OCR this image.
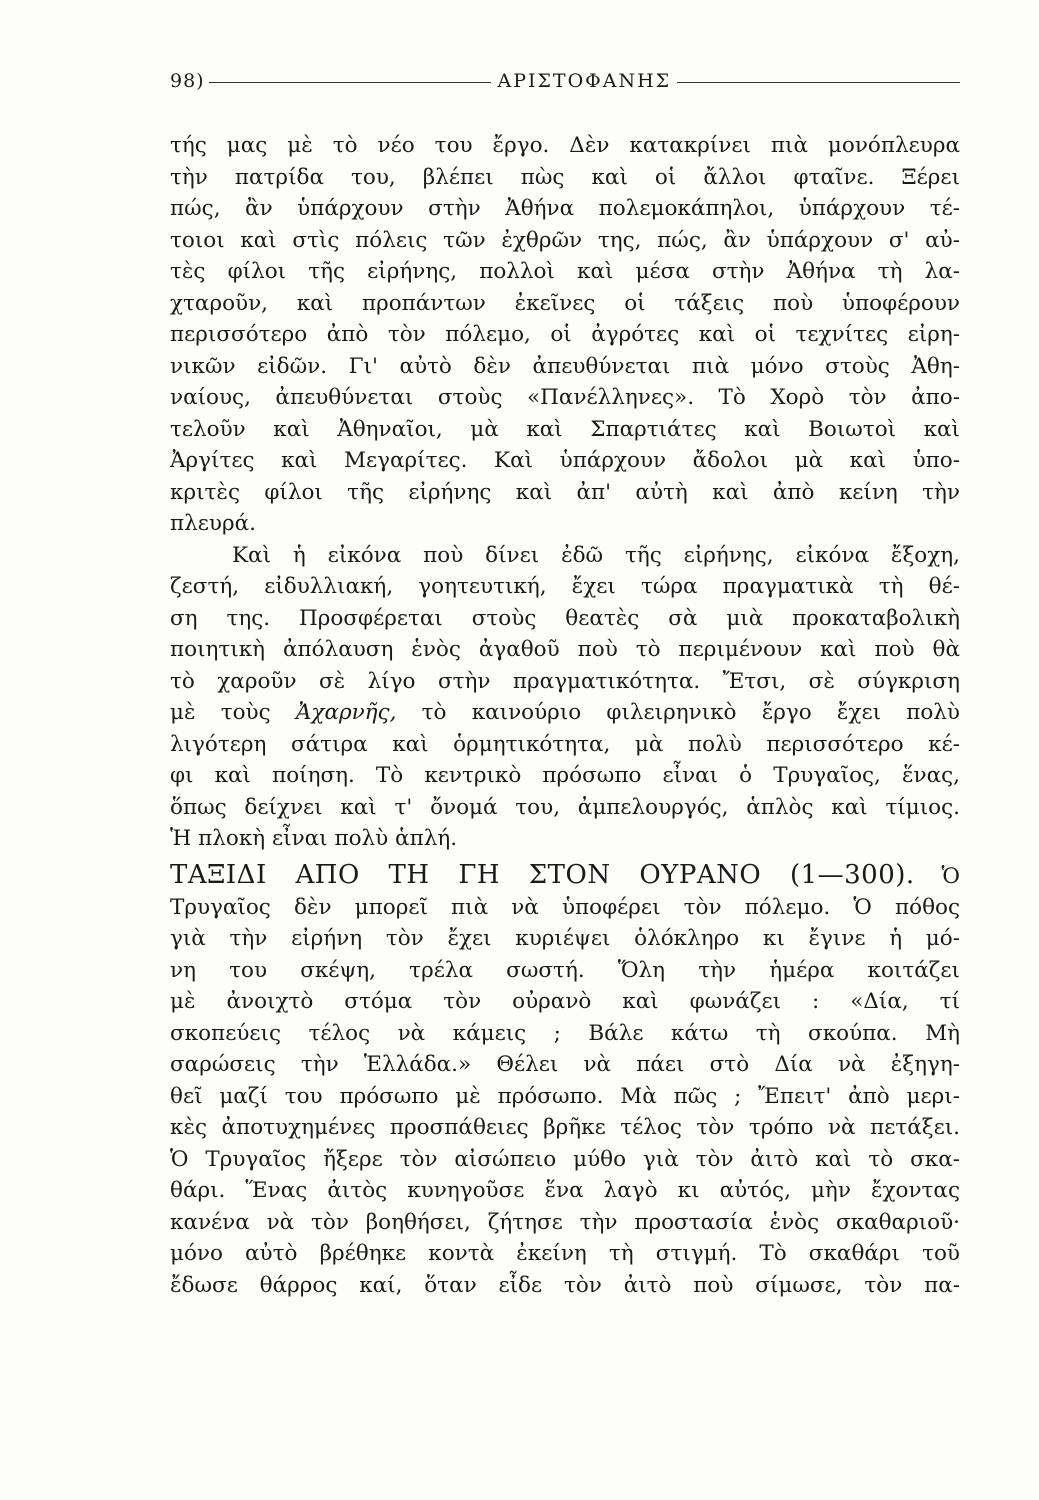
98)	ΑΡΙΣΤΟΦΑΝΗΣ
τής μας μὲ τὸ νέο του ἔργο. Δὲν κατακρίνει πιὰ μονόπλευρα
τὴν πατρίδα του, βλέπει πὼς καὶ οἱ ἄλλοι φταῖνε. Ξέρει
πώς, ἂν ὑπάρχουν στὴν Ἀθήνα πολεμοκάπηλοι, ὑπάρχουν τέ-
τοιοι καὶ στὶς πόλεις τῶν ἐχθρῶν της, πώς, ἂν ὑπάρχουν σ' αὐ-
τὲς φίλοι τῆς εἰρήνης, πολλοὶ καὶ μέσα στὴν Ἀθήνα τὴ λα-
χταροῦν, καὶ προπάντων ἐκεῖνες οἱ τάξεις ποὺ ὑποφέρουν
περισσότερο ἀπὸ τὸν πόλεμο, οἱ ἀγρότες καὶ οἱ τεχνίτες εἰρη-
νικῶν εἰδῶν. Γι' αὐτὸ δὲν ἀπευθύνεται πιὰ μόνο στοὺς Ἀθη-
ναίους, ἀπευθύνεται στοὺς «Πανέλληνες». Τὸ Χορὸ τὸν ἀπο-
τελοῦν καὶ Ἀθηναῖοι, μὰ καὶ Σπαρτιάτες καὶ Βοιωτοὶ καὶ
Ἀργίτες καὶ Μεγαρίτες. Καὶ ὑπάρχουν ἄδολοι μὰ καὶ ὑπο-
κριτὲς φίλοι τῆς εἰρήνης καὶ ἀπ' αὐτὴ καὶ ἀπὸ κείνη τὴν
πλευρά.
Καὶ ἡ εἰκόνα ποὺ δίνει ἐδῶ τῆς εἰρήνης, εἰκόνα ἔξοχη,
ζεστή, εἰδυλλιακή, γοητευτική, ἔχει τώρα πραγματικὰ τὴ θέ-
ση της. Προσφέρεται στοὺς θεατὲς σὰ μιὰ προκαταβολικὴ
ποιητικὴ ἀπόλαυση ἑνὸς ἀγαθοῦ ποὺ τὸ περιμένουν καὶ ποὺ θὰ
τὸ χαροῦν σὲ λίγο στὴν πραγματικότητα. Ἔτσι, σὲ σύγκριση
μὲ τοὺς Ἀχαρνῆς, τὸ καινούριο φιλειρηνικὸ ἔργο ἔχει πολὺ
λιγότερη σάτιρα καὶ ὁρμητικότητα, μὰ πολὺ περισσότερο κέ-
φι καὶ ποίηση. Τὸ κεντρικὸ πρόσωπο εἶναι ὁ Τρυγαῖος, ἕνας,
ὅπως δείχνει καὶ τ' ὄνομά του, ἀμπελουργός, ἁπλὸς καὶ τίμιος.
Ἡ πλοκὴ εἶναι πολὺ ἁπλή.
ΤΑΞΙΔΙ ΑΠΟ ΤΗ ΓΗ ΣΤΟΝ ΟΥΡΑΝΟ (1—300). Ὁ
Τρυγαῖος δὲν μπορεῖ πιὰ νὰ ὑποφέρει τὸν πόλεμο. Ὁ πόθος
γιὰ τὴν εἰρήνη τὸν ἔχει κυριέψει ὁλόκληρο κι ἔγινε ἡ μό-
νη του σκέψη, τρέλα σωστή. Ὅλη τὴν ἡμέρα κοιτάζει
μὲ ἀνοιχτὸ στόμα τὸν οὐρανὸ καὶ φωνάζει : «Δία, τί
σκοπεύεις τέλος νὰ κάμεις ; Βάλε κάτω τὴ σκούπα. Μὴ
σαρώσεις τὴν Ἑλλάδα.» Θέλει νὰ πάει στὸ Δία νὰ ἐξηγη-
θεῖ μαζί του πρόσωπο μὲ πρόσωπο. Μὰ πῶς ; Ἔπειτ' ἀπὸ μερι-
κὲς ἀποτυχημένες προσπάθειες βρῆκε τέλος τὸν τρόπο νὰ πετάξει.
Ὁ Τρυγαῖος ἤξερε τὸν αἰσώπειο μύθο γιὰ τὸν ἀιτὸ καὶ τὸ σκα-
θάρι. Ἕνας ἀιτὸς κυνηγοῦσε ἕνα λαγὸ κι αὐτός, μὴν ἔχοντας
κανένα νὰ τὸν βοηθήσει, ζήτησε τὴν προστασία ἑνὸς σκαθαριοῦ·
μόνο αὐτὸ βρέθηκε κοντὰ ἐκείνη τὴ στιγμή. Τὸ σκαθάρι τοῦ
ἔδωσε θάρρος καί, ὅταν εἶδε τὸν ἀιτὸ ποὺ σίμωσε, τὸν πα-
